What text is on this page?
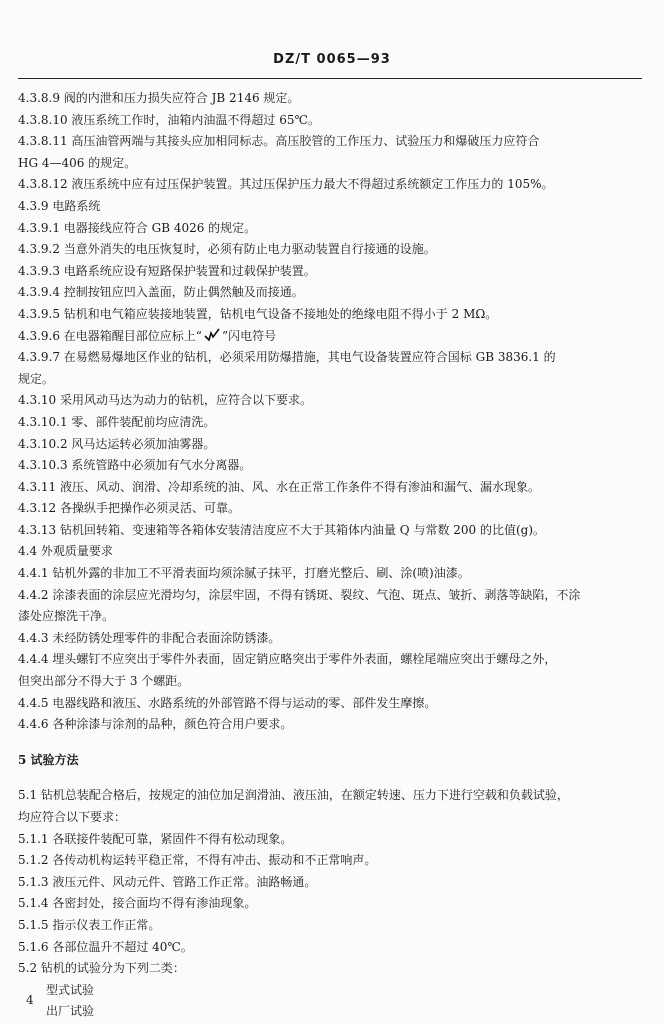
DZ/T 0065—93
4.3.8.9 阀的内泄和压力损失应符合 JB 2146 规定。
4.3.8.10 液压系统工作时，油箱内油温不得超过 65℃。
4.3.8.11 高压油管两端与其接头应加相同标志。高压胶管的工作压力、试验压力和爆破压力应符合
HG 4—406 的规定。
4.3.8.12 液压系统中应有过压保护装置。其过压保护压力最大不得超过系统额定工作压力的 105%。
4.3.9 电路系统
4.3.9.1 电器接线应符合 GB 4026 的规定。
4.3.9.2 当意外消失的电压恢复时，必须有防止电力驱动装置自行接通的设施。
4.3.9.3 电路系统应设有短路保护装置和过载保护装置。
4.3.9.4 控制按钮应凹入盖面，防止偶然触及而接通。
4.3.9.5 钻机和电气箱应装接地装置，钻机电气设备不接地处的绝缘电阻不得小于 2 MΩ。
4.3.9.6 在电器箱醒目部位应标上“ ”闪电符号
4.3.9.7 在易燃易爆地区作业的钻机，必须采用防爆措施，其电气设备装置应符合国标 GB 3836.1 的
规定。
4.3.10 采用风动马达为动力的钻机，应符合以下要求。
4.3.10.1 零、部件装配前均应清洗。
4.3.10.2 风马达运转必须加油雾器。
4.3.10.3 系统管路中必须加有气水分离器。
4.3.11 液压、风动、润滑、冷却系统的油、风、水在正常工作条件不得有渗油和漏气、漏水现象。
4.3.12 各操纵手把操作必须灵活、可靠。
4.3.13 钻机回转箱、变速箱等各箱体安装清洁度应不大于其箱体内油量 Q 与常数 200 的比值(g)。
4.4 外观质量要求
4.4.1 钻机外露的非加工不平滑表面均须涂腻子抹平，打磨光整后、刷、涂(喷)油漆。
4.4.2 涂漆表面的涂层应光滑均匀，涂层牢固，不得有锈斑、裂纹、气泡、斑点、皱折、剥落等缺陷，不涂
漆处应擦洗干净。
4.4.3 未经防锈处理零件的非配合表面涂防锈漆。
4.4.4 埋头螺钉不应突出于零件外表面，固定销应略突出于零件外表面，螺栓尾端应突出于螺母之外，
但突出部分不得大于 3 个螺距。
4.4.5 电器线路和液压、水路系统的外部管路不得与运动的零、部件发生摩擦。
4.4.6 各种涂漆与涂剂的品种，颜色符合用户要求。
5 试验方法
5.1 钻机总装配合格后，按规定的油位加足润滑油、液压油，在额定转速、压力下进行空载和负载试验，
均应符合以下要求：
5.1.1 各联接件装配可靠，紧固件不得有松动现象。
5.1.2 各传动机构运转平稳正常，不得有冲击、振动和不正常响声。
5.1.3 液压元件、风动元件、管路工作正常。油路畅通。
5.1.4 各密封处，接合面均不得有渗油现象。
5.1.5 指示仪表工作正常。
5.1.6 各部位温升不超过 40℃。
5.2 钻机的试验分为下列二类：
型式试验
出厂试验
4
